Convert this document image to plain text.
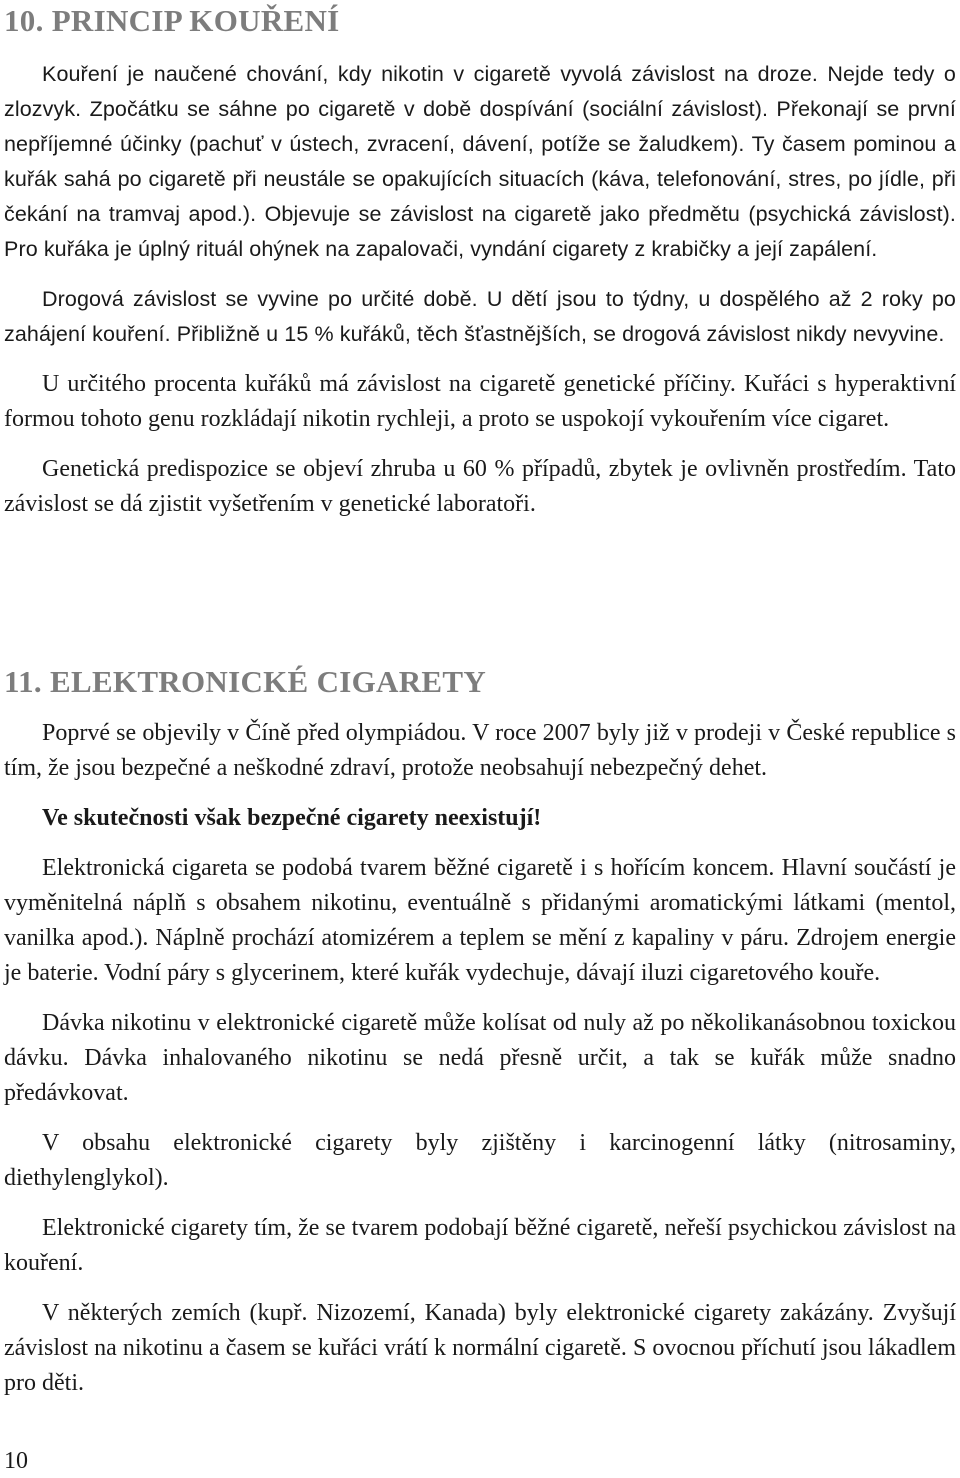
10. PRINCIP KOUŘENÍ

Kouření je naučené chování, kdy nikotin v cigaretě vyvolá závislost na droze. Nejde tedy o zlozvyk. Zpočátku se sáhne po cigaretě v době dospívání (sociální závislost). Překonají se první nepříjemné účinky (pachuť v ústech, zvracení, dávení, potíže se žaludkem). Ty časem pominou a kuřák sahá po cigaretě při neustále se opakujících situacích (káva, telefonování, stres, po jídle, při čekání na tramvaj apod.). Objevuje se závislost na cigaretě jako předmětu (psychická závislost). Pro kuřáka je úplný rituál ohýnek na zapalovači, vyndání cigarety z krabičky a její zapálení.

Drogová závislost se vyvine po určité době. U dětí jsou to týdny, u dospělého až 2 roky po zahájení kouření. Přibližně u 15 % kuřáků, těch šťastnějších, se drogová závislost nikdy nevyvine.

U určitého procenta kuřáků má závislost na cigaretě genetické příčiny. Kuřáci s hyperaktivní formou tohoto genu rozkládají nikotin rychleji, a proto se uspokojí vykouřením více cigaret.

Genetická predispozice se objeví zhruba u 60 % případů, zbytek je ovlivněn prostředím. Tato závislost se dá zjistit vyšetřením v genetické laboratoři.

11. ELEKTRONICKÉ CIGARETY

Poprvé se objevily v Číně před olympiádou. V roce 2007 byly již v prodeji v České republice s tím, že jsou bezpečné a neškodné zdraví, protože neobsahují nebezpečný dehet.

Ve skutečnosti však bezpečné cigarety neexistují!

Elektronická cigareta se podobá tvarem běžné cigaretě i s hořícím koncem. Hlavní součástí je vyměnitelná náplň s obsahem nikotinu, eventuálně s přidanými aromatickými látkami (mentol, vanilka apod.). Náplně prochází atomizérem a teplem se mění z kapaliny v páru. Zdrojem energie je baterie. Vodní páry s glycerinem, které kuřák vydechuje, dávají iluzi cigaretového kouře.

Dávka nikotinu v elektronické cigaretě může kolísat od nuly až po několikanásobnou toxickou dávku. Dávka inhalovaného nikotinu se nedá přesně určit, a tak se kuřák může snadno předávkovat.

V obsahu elektronické cigarety byly zjištěny i karcinogenní látky (nitrosaminy, diethylenglykol).

Elektronické cigarety tím, že se tvarem podobají běžné cigaretě, neřeší psychickou závislost na kouření.

V některých zemích (kupř. Nizozemí, Kanada) byly elektronické cigarety zakázány. Zvyšují závislost na nikotinu a časem se kuřáci vrátí k normální cigaretě. S ovocnou příchutí jsou lákadlem pro děti.

10
